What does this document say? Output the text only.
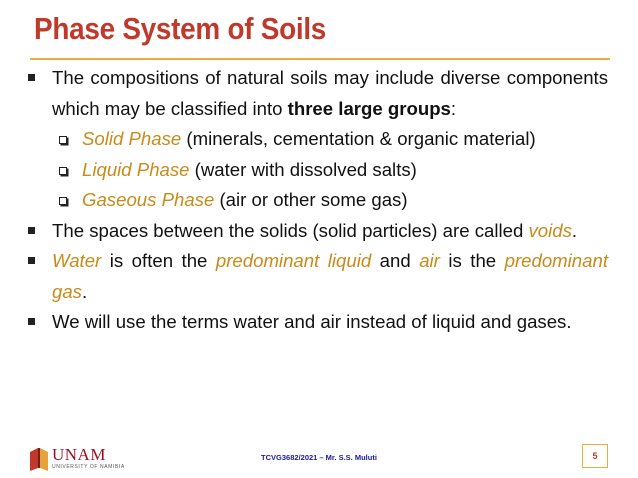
Phase System of Soils
The compositions of natural soils may include diverse components which may be classified into three large groups:
Solid Phase (minerals, cementation & organic material)
Liquid Phase (water with dissolved salts)
Gaseous Phase (air or other some gas)
The spaces between the solids (solid particles) are called voids.
Water is often the predominant liquid and air is the predominant gas.
We will use the terms water and air instead of liquid and gases.
UNAM
UNIVERSITY OF NAMIBIA
TCVG3682/2021 – Mr. S.S. Muluti	5
